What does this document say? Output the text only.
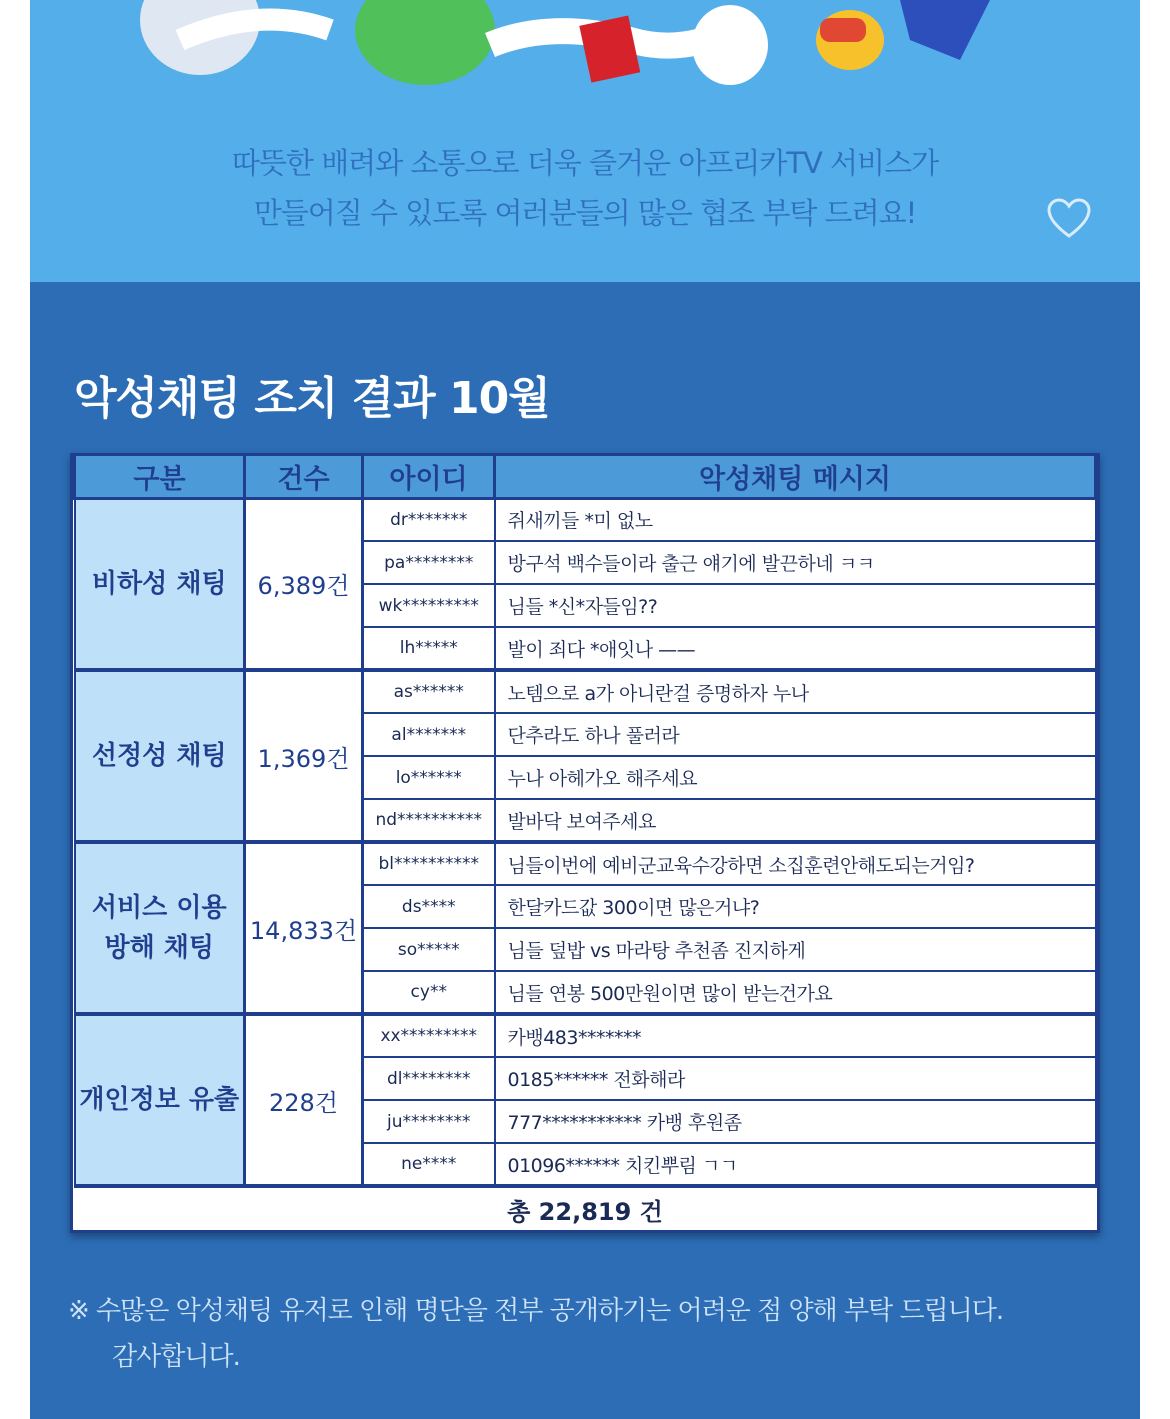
따뜻한 배려와 소통으로 더욱 즐거운 아프리카TV 서비스가
만들어질 수 있도록 여러분들의 많은 협조 부탁 드려요!
악성채팅 조치 결과 10월
구분	건수	아이디	악성채팅 메시지
비하성 채팅	6,389건	dr*******	쥐새끼들 *미 없노
		pa********	방구석 백수들이라 출근 얘기에 발끈하네 ㅋㅋ
		wk*********	님들 *신*자들임??
		lh*****	발이 죄다 *애잇나 ——
선정성 채팅	1,369건	as******	노템으로 a가 아니란걸 증명하자 누나
		al*******	단추라도 하나 풀러라
		lo******	누나 아헤가오 해주세요
		nd**********	발바닥 보여주세요

서비스 이용
방해 채팅	14,833건	bl**********	님들이번에 예비군교육수강하면 소집훈련안해도되는거임?
		ds****	한달카드값 300이면 많은거냐?
		so*****	님들 덮밥 vs 마라탕 추천좀 진지하게
		cy**	님들 연봉 500만원이면 많이 받는건가요
개인정보 유출	228건	xx*********	카뱅483*******
		dl********	0185****** 전화해라
		ju********	777*********** 카뱅 후원좀
		ne****	01096****** 치킨뿌림 ㄱㄱ
총 22,819 건			
※ 수많은 악성채팅 유저로 인해 명단을 전부 공개하기는 어려운 점 양해 부탁 드립니다.
감사합니다.
